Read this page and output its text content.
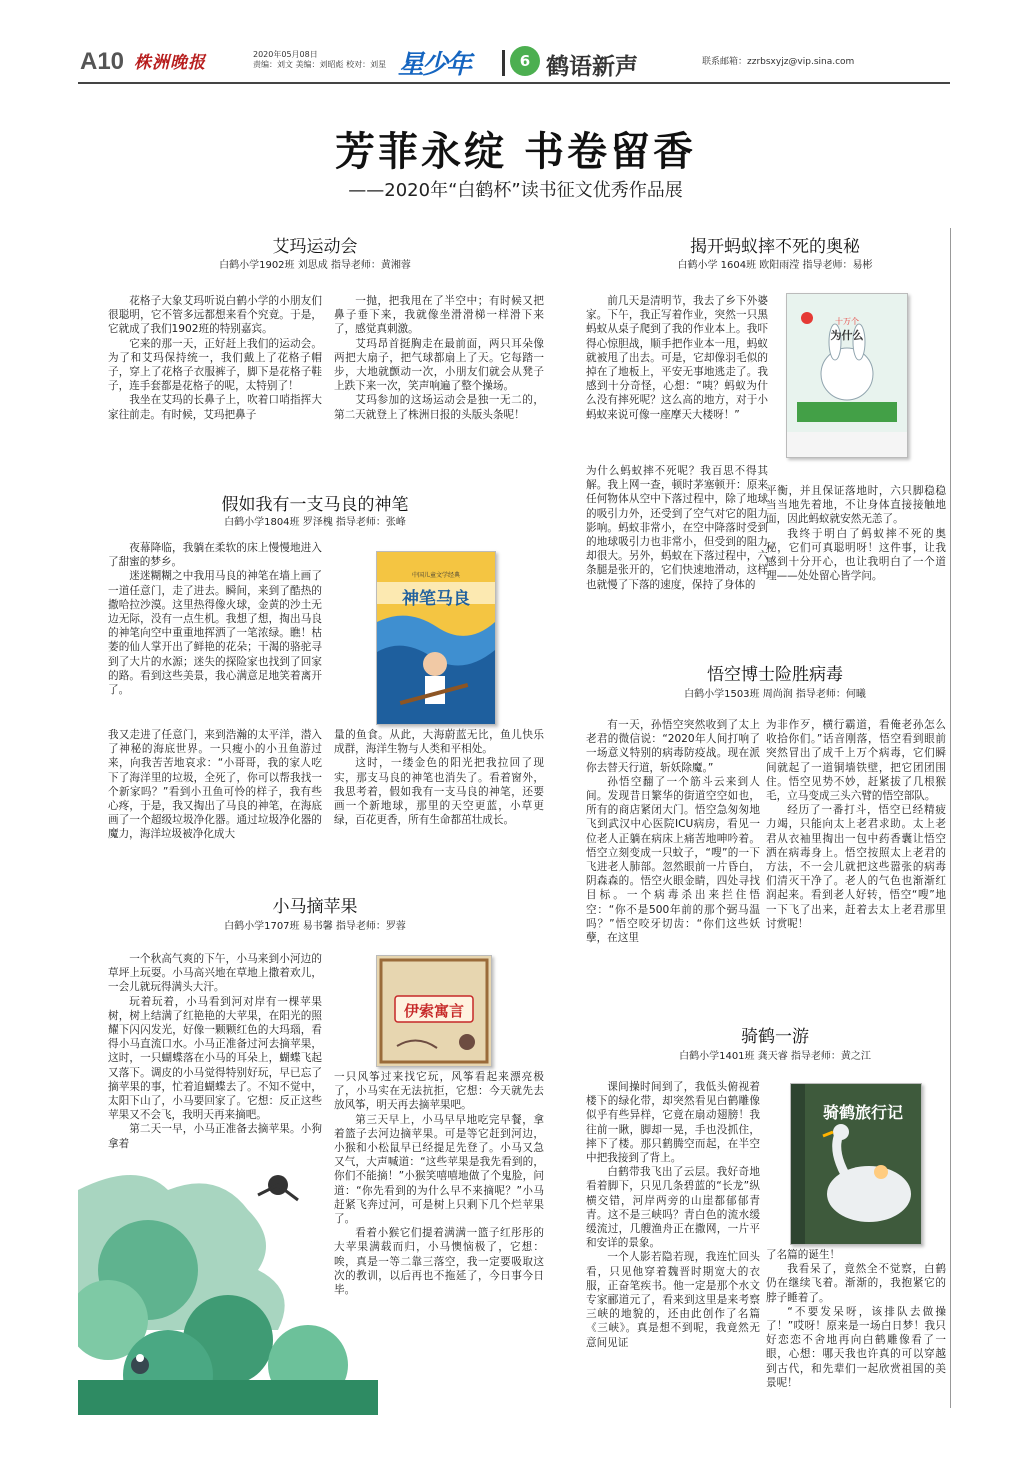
A10 株洲晚报	2020年05月08日
责编：刘文 美编：刘昭彪 校对：刘星 星少年	6 鹤语新声	联系邮箱：zzrbsxyjz@vip.sina.com
芳菲永绽 书卷留香
——2020年“白鹤杯”读书征文优秀作品展
艾玛运动会
白鹤小学1902班 刘思成 指导老师：黄湘蓉

花格子大象艾玛听说白鹤小学的小朋友们很聪明，它不管多远都想来看个究竟。于是，它就成了我们1902班的特别嘉宾。

它来的那一天，正好赶上我们的运动会。为了和艾玛保持统一，我们戴上了花格子帽子，穿上了花格子衣服裤子，脚下是花格子鞋子，连手套都是花格子的呢，太特别了！

我坐在艾玛的长鼻子上，吹着口哨指挥大家往前走。有时候，艾玛把鼻子

一抛，把我甩在了半空中；有时候又把鼻子垂下来，我就像坐滑滑梯一样滑下来了，感觉真刺激。

艾玛昂首挺胸走在最前面，两只耳朵像两把大扇子，把气球都扇上了天。它每踏一步，大地就颤动一次，小朋友们就会从凳子上跌下来一次，笑声响遍了整个操场。

艾玛参加的这场运动会是独一无二的，第二天就登上了株洲日报的头版头条呢！

假如我有一支马良的神笔
白鹤小学1804班 罗泽槐 指导老师：张峰

夜幕降临，我躺在柔软的床上慢慢地进入了甜蜜的梦乡。

迷迷糊糊之中我用马良的神笔在墙上画了一道任意门，走了进去。瞬间，来到了酷热的撒哈拉沙漠。这里热得像火球，金黄的沙土无边无际，没有一点生机。我想了想，掏出马良的神笔向空中重重地挥洒了一笔浓绿。瞧！枯萎的仙人掌开出了鲜艳的花朵；干渴的骆驼寻到了大片的水源；迷失的探险家也找到了回家的路。看到这些美景，我心满意足地笑着离开了。

我又走进了任意门，来到浩瀚的太平洋，潜入了神秘的海底世界。一只瘦小的小丑鱼游过来，向我苦苦地哀求：“小哥哥，我的家人吃下了海洋里的垃圾，全死了，你可以帮我找一个新家吗？”看到小丑鱼可怜的样子，我有些心疼，于是，我又掏出了马良的神笔，在海底画了一个超级垃圾净化器。通过垃圾净化器的魔力，海洋垃圾被净化成大

中国儿童文学经典
神笔马良

量的鱼食。从此，大海蔚蓝无比，鱼儿快乐成群，海洋生物与人类和平相处。

这时，一缕金色的阳光把我拉回了现实，那支马良的神笔也消失了。看着窗外，我思考着，假如我有一支马良的神笔，还要画一个新地球，那里的天空更蓝，小草更绿，百花更香，所有生命都茁壮成长。

小马摘苹果
白鹤小学1707班 易书馨 指导老师：罗蓉

一个秋高气爽的下午，小马来到小河边的草坪上玩耍。小马高兴地在草地上撒着欢儿，一会儿就玩得满头大汗。

玩着玩着，小马看到河对岸有一棵苹果树，树上结满了红艳艳的大苹果，在阳光的照耀下闪闪发光，好像一颗颗红色的大玛瑙，看得小马直流口水。小马正准备过河去摘苹果，这时，一只蝴蝶落在小马的耳朵上，蝴蝶飞起又落下。调皮的小马觉得特别好玩，早已忘了摘苹果的事，忙着追蝴蝶去了。不知不觉中，太阳下山了，小马要回家了。它想：反正这些苹果又不会飞，我明天再来摘吧。

第二天一早，小马正准备去摘苹果。小狗拿着

伊索寓言

一只风筝过来找它玩，风筝看起来漂亮极了，小马实在无法抗拒，它想：今天就先去放风筝，明天再去摘苹果吧。

第三天早上，小马早早地吃完早餐，拿着篮子去河边摘苹果。可是等它赶到河边，小猴和小松鼠早已经提足先登了。小马又急又气，大声喊道：“这些苹果是我先看到的，你们不能摘！”小猴笑嘻嘻地做了个鬼脸，问道：“你先看到的为什么早不来摘呢？”小马赶紧飞奔过河，可是树上只剩下几个烂苹果了。

看着小猴它们提着满满一篮子红彤彤的大苹果满载而归，小马懊恼极了，它想：唉，真是一等二靠三落空，我一定要吸取这次的教训，以后再也不拖延了，今日事今日毕。

揭开蚂蚁摔不死的奥秘
白鹤小学 1604班 欧阳雨滢 指导老师：易彬

前几天是清明节，我去了乡下外婆家。下午，我正写着作业，突然一只黑蚂蚁从桌子爬到了我的作业本上。我吓得心惊胆战，顺手把作业本一甩，蚂蚁就被甩了出去。可是，它却像羽毛似的掉在了地板上，平安无事地逃走了。我感到十分奇怪，心想：“咦？蚂蚁为什么没有摔死呢？这么高的地方，对于小蚂蚁来说可像一座摩天大楼呀！”

十万个
为什么

为什么蚂蚁摔不死呢？我百思不得其解。我上网一查，顿时茅塞顿开：原来任何物体从空中下落过程中，除了地球的吸引力外，还受到了空气对它的阻力影响。蚂蚁非常小，在空中降落时受到的地球吸引力也非常小，但受到的阻力却很大。另外，蚂蚁在下落过程中，六条腿是张开的，它们快速地滑动，这样也就慢了下落的速度，保持了身体的

平衡，并且保证落地时，六只脚稳稳当当地先着地，不让身体直接接触地面，因此蚂蚁就安然无恙了。

我终于明白了蚂蚁摔不死的奥秘，它们可真聪明呀！这件事，让我感到十分开心，也让我明白了一个道理——处处留心皆学问。

悟空博士险胜病毒
白鹤小学1503班 周尚润 指导老师：何曦

有一天，孙悟空突然收到了太上老君的微信说：“2020年人间打响了一场意义特别的病毒防疫战。现在派你去替天行道，斩妖除魔。”

孙悟空翻了一个筋斗云来到人间。发现昔日繁华的街道空空如也，所有的商店紧闭大门。悟空急匆匆地飞到武汉中心医院ICU病房，看见一位老人正躺在病床上痛苦地呻吟着。悟空立刻变成一只蚊子，“嗖”的一下飞进老人肺部。忽然眼前一片昏白，阴森森的。悟空火眼金睛，四处寻找目标。一个病毒杀出来拦住悟空：“你不是500年前的那个弼马温吗？”悟空咬牙切齿：“你们这些妖孽，在这里

为非作歹，横行霸道，看俺老孙怎么收拾你们。”话音刚落，悟空看到眼前突然冒出了成千上万个病毒，它们瞬间就起了一道铜墙铁壁，把它团团围住。悟空见势不妙，赶紧拔了几根猴毛，立马变成三头六臂的悟空部队。

经历了一番打斗，悟空已经精疲力竭，只能向太上老君求助。太上老君从衣袖里掏出一包中药香囊让悟空洒在病毒身上。悟空按照太上老君的方法，不一会儿就把这些嚣张的病毒们清灭干净了。老人的气色也渐渐红润起来。看到老人好转，悟空“嗖”地一下飞了出来，赶着去太上老君那里讨赏呢！

骑鹤一游
白鹤小学1401班 龚天睿 指导老师：黄之江

课间操时间到了，我低头俯视着楼下的绿化带，却突然看见白鹤雕像似乎有些异样，它竟在扇动翅膀！我往前一瞅，脚却一晃，手也没抓住，摔下了楼。那只鹤腾空而起，在半空中把我接到了背上。

白鹤带我飞出了云层。我好奇地看着脚下，只见几条碧蓝的“长龙”纵横交错，河岸两旁的山崖都郁郁青青。这不是三峡吗？青白色的流水缓缓流过，几艘渔舟正在撒网，一片平和安详的景象。

一个人影若隐若现，我连忙回头看，只见他穿着魏晋时期宽大的衣服，正奋笔疾书。他一定是那个水文专家郦道元了，看来到这里是来考察三峡的地貌的，还由此创作了名篇《三峡》。真是想不到呢，我竟然无意间见证

骑鹤旅行记

了名篇的诞生！

我看呆了，竟然全不觉察，白鹤仍在继续飞着。渐渐的，我抱紧它的脖子睡着了。

“不要发呆呀，该排队去做操了！”哎呀！原来是一场白日梦！我只好恋恋不舍地再向白鹤雕像看了一眼，心想：哪天我也许真的可以穿越到古代，和先辈们一起欣赏祖国的美景呢！
